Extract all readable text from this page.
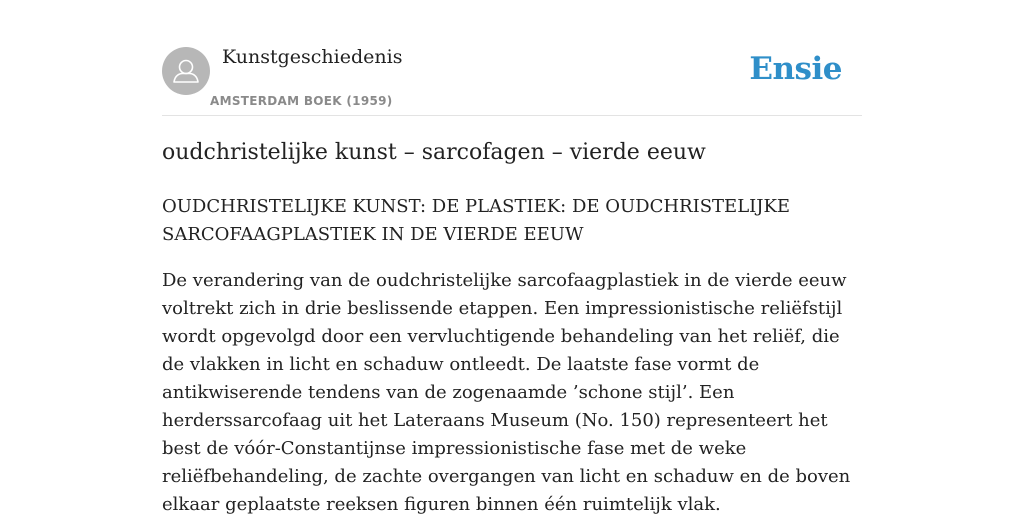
Kunstgeschiedenis
AMSTERDAM BOEK (1959)
Ensie
oudchristelijke kunst – sarcofagen – vierde eeuw
OUDCHRISTELIJKE KUNST: DE PLASTIEK: DE OUDCHRISTELIJKE SARCOFAAGPLASTIEK IN DE VIERDE EEUW
De verandering van de oudchristelijke sarcofaagplastiek in de vierde eeuw voltrekt zich in drie beslissende etappen. Een impressionistische reliëfstijl wordt opgevolgd door een vervluchtigende behandeling van het reliëf, die de vlakken in licht en schaduw ontleedt. De laatste fase vormt de antikwiserende tendens van de zogenaamde ’schone stijl’. Een herderssarcofaag uit het Lateraans Museum (No. 150) representeert het best de vóór-Constantijnse impressionistische fase met de weke reliëfbehandeling, de zachte overgangen van licht en schaduw en de boven elkaar geplaatste reeksen figuren binnen één ruimtelijk vlak.
